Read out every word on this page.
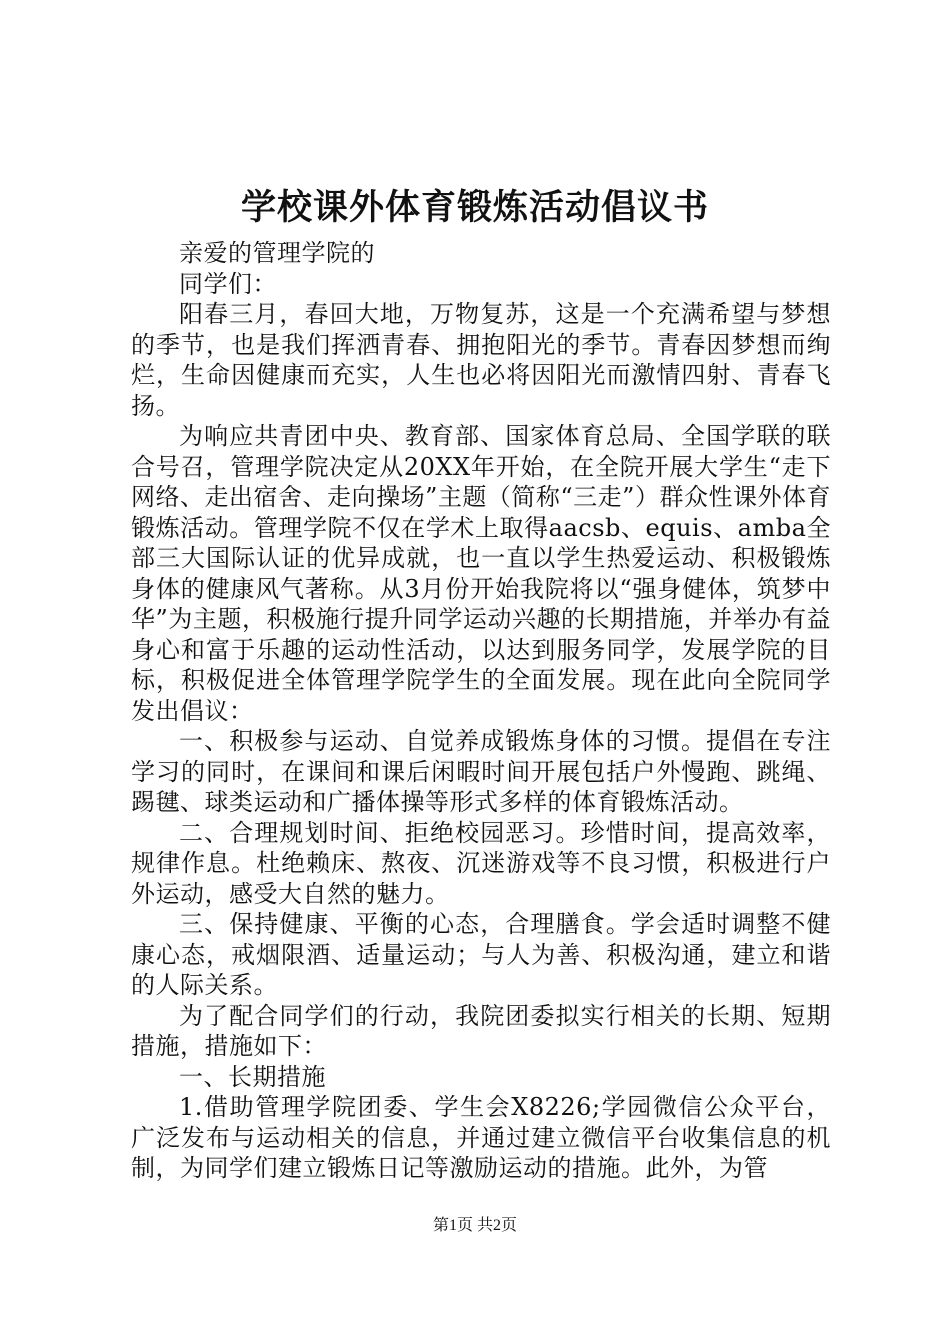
学校课外体育锻炼活动倡议书

亲爱的管理学院的

同学们：

阳春三月，春回大地，万物复苏，这是一个充满希望与梦想的季节，也是我们挥洒青春、拥抱阳光的季节。青春因梦想而绚烂，生命因健康而充实，人生也必将因阳光而激情四射、青春飞扬。

为响应共青团中央、教育部、国家体育总局、全国学联的联合号召，管理学院决定从20XX年开始，在全院开展大学生“走下网络、走出宿舍、走向操场”主题（简称“三走”）群众性课外体育锻炼活动。管理学院不仅在学术上取得aacsb、equis、amba全部三大国际认证的优异成就，也一直以学生热爱运动、积极锻炼身体的健康风气著称。从3月份开始我院将以“强身健体，筑梦中华”为主题，积极施行提升同学运动兴趣的长期措施，并举办有益身心和富于乐趣的运动性活动，以达到服务同学，发展学院的目标，积极促进全体管理学院学生的全面发展。现在此向全院同学发出倡议：

一、积极参与运动、自觉养成锻炼身体的习惯。提倡在专注学习的同时，在课间和课后闲暇时间开展包括户外慢跑、跳绳、踢毽、球类运动和广播体操等形式多样的体育锻炼活动。

二、合理规划时间、拒绝校园恶习。珍惜时间，提高效率，规律作息。杜绝赖床、熬夜、沉迷游戏等不良习惯，积极进行户外运动，感受大自然的魅力。

三、保持健康、平衡的心态，合理膳食。学会适时调整不健康心态，戒烟限酒、适量运动；与人为善、积极沟通，建立和谐的人际关系。

为了配合同学们的行动，我院团委拟实行相关的长期、短期措施，措施如下：

一、长期措施

1.借助管理学院团委、学生会X8226;学园微信公众平台，广泛发布与运动相关的信息，并通过建立微信平台收集信息的机制，为同学们建立锻炼日记等激励运动的措施。此外，为管

第1页 共2页
